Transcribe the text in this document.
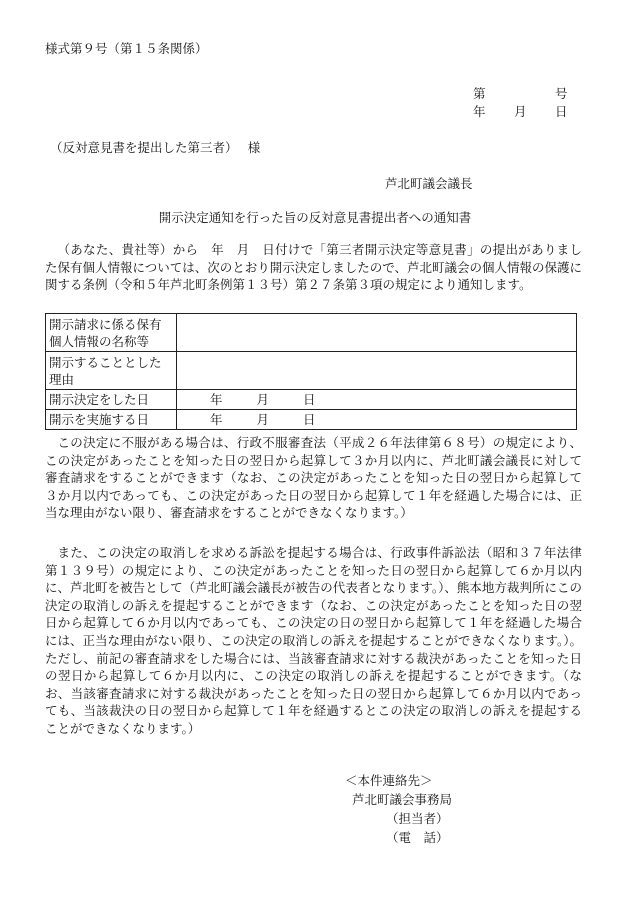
様式第９号（第１５条関係）
第	号
年 月 日
（反対意見書を提出した第三者）　 様
芦北町議会議長
開示決定通知を行った旨の反対意見書提出者への通知書
（あなた、貴社等）から　年　月　日付けで「第三者開示決定等意見書」の提出がありました保有個人情報については、次のとおり開示決定しましたので、芦北町議会の個人情報の保護に関する条例（令和５年芦北町条例第１３号）第２７条第３項の規定により通知します。
開示請求に係る保有個人情報の名称等	
開示することとした理由	
開示決定をした日	年 月 日
開示を実施する日	年 月 日
この決定に不服がある場合は、行政不服審査法（平成２６年法律第６８号）の規定により、この決定があったことを知った日の翌日から起算して３か月以内に、芦北町議会議長に対して審査請求をすることができます（なお、この決定があったことを知った日の翌日から起算して３か月以内であっても、この決定があった日の翌日から起算して１年を経過した場合には、正当な理由がない限り、審査請求をすることができなくなります。）
また、この決定の取消しを求める訴訟を提起する場合は、行政事件訴訟法（昭和３７年法律第１３９号）の規定により、この決定があったことを知った日の翌日から起算して６か月以内に、芦北町を被告として（芦北町議会議長が被告の代表者となります。）、熊本地方裁判所にこの決定の取消しの訴えを提起することができます（なお、この決定があったことを知った日の翌日から起算して６か月以内であっても、この決定の日の翌日から起算して１年を経過した場合には、正当な理由がない限り、この決定の取消しの訴えを提起することができなくなります。）。ただし、前記の審査請求をした場合には、当該審査請求に対する裁決があったことを知った日の翌日から起算して６か月以内に、この決定の取消しの訴えを提起することができます。（なお、当該審査請求に対する裁決があったことを知った日の翌日から起算して６か月以内であっても、当該裁決の日の翌日から起算して１年を経過するとこの決定の取消しの訴えを提起することができなくなります。）
＜本件連絡先＞
芦北町議会事務局
（担当者）
（電　話）
